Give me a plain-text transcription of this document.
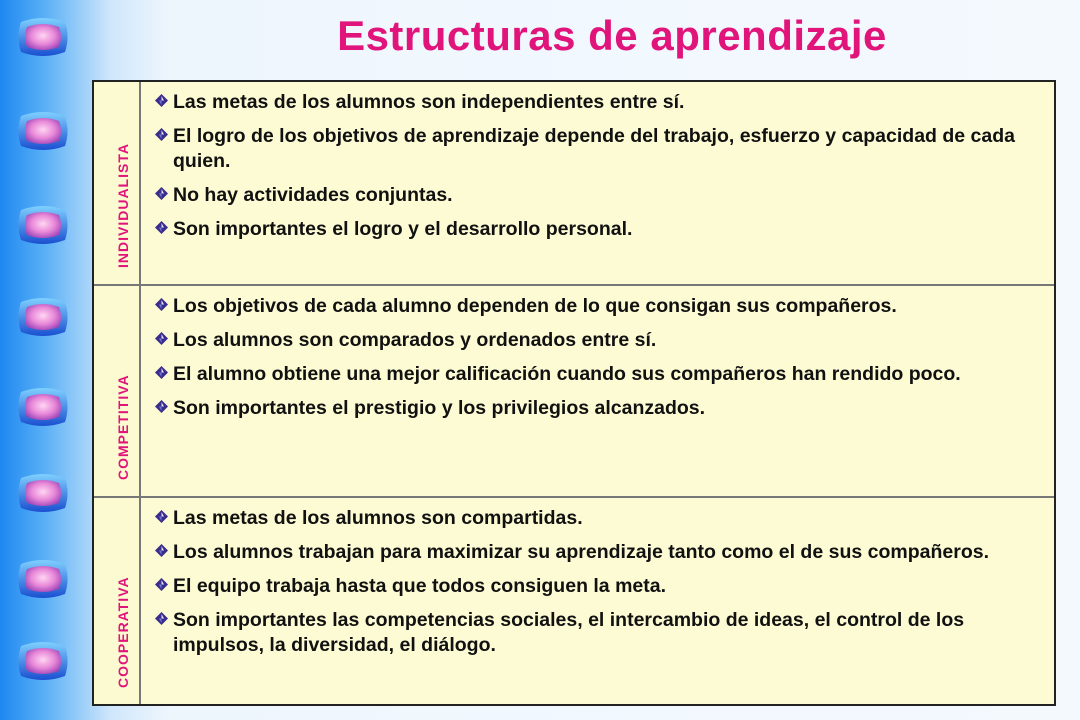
Estructuras de aprendizaje
INDIVIDUALISTA
Las metas de los alumnos son independientes entre sí.
El logro de los objetivos de aprendizaje depende del trabajo, esfuerzo y capacidad de cada quien.
No hay actividades conjuntas.
Son importantes el logro y el desarrollo personal.
COMPETITIVA
Los objetivos de cada alumno dependen de lo que consigan sus compañeros.
Los alumnos son comparados y ordenados entre sí.
El alumno obtiene una mejor calificación cuando sus compañeros han rendido poco.
Son importantes el prestigio y los privilegios alcanzados.
COOPERATIVA
Las metas de los alumnos son compartidas.
Los alumnos trabajan para maximizar su aprendizaje tanto como el de sus compañeros.
El equipo trabaja hasta que todos consiguen la meta.
Son importantes las competencias sociales, el intercambio de ideas, el control de los impulsos, la diversidad, el diálogo.
